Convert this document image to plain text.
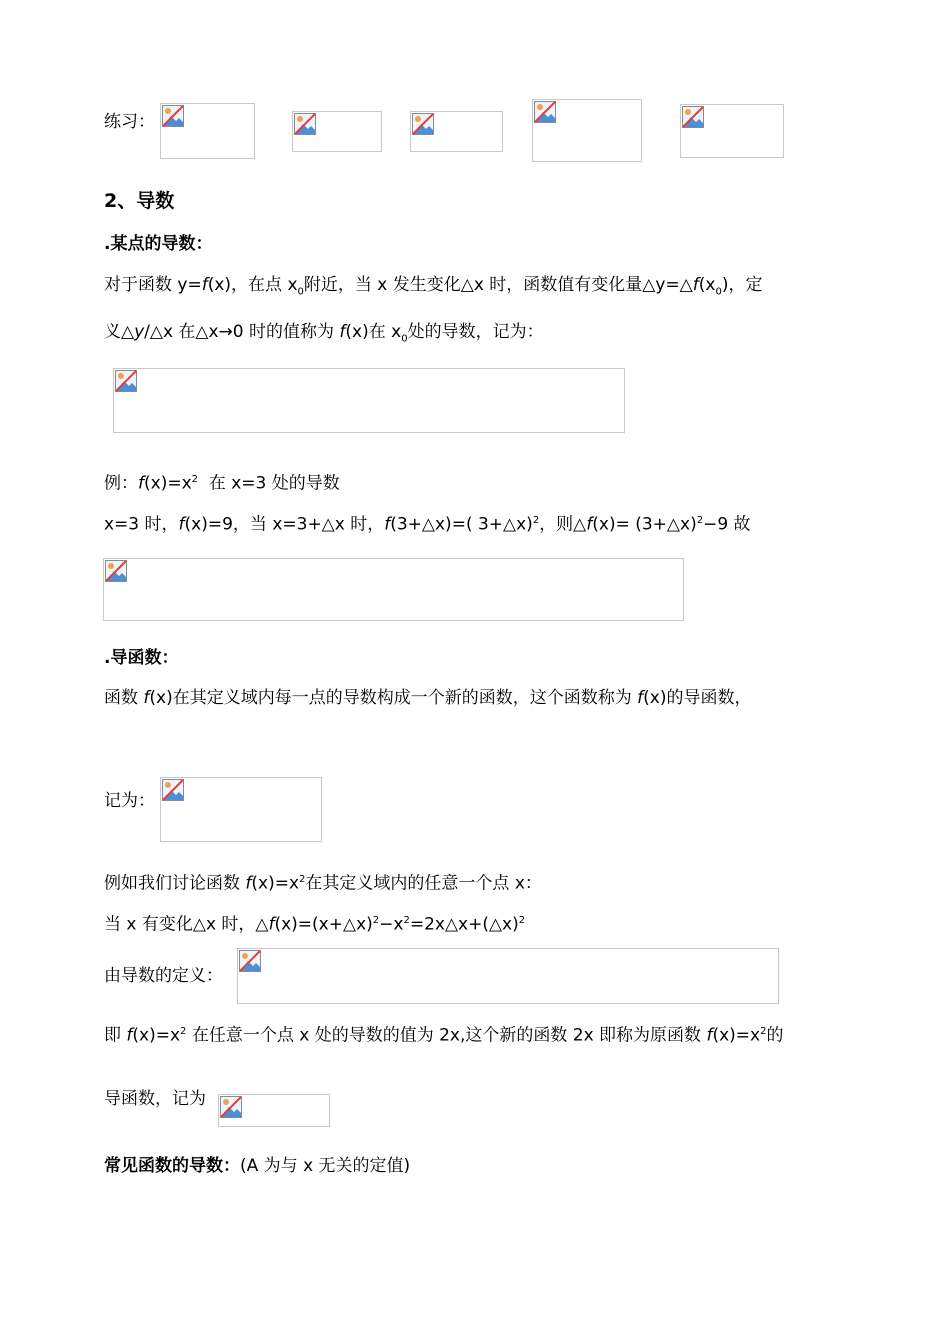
练习：
2、导数
.某点的导数：
对于函数 y=f(x)，在点 $x_0$附近，当 x 发生变化△x 时，函数值有变化量$\triangle y=\triangle f(x_0)$，定
义△y/△x 在△x→0 时的值称为 f(x)在 $x_0$处的导数，记为：
例：$f(x)=x^2$  在 x=3 处的导数
x=3 时，f(x)=9，当 x=3+△x 时，f(3+△x)=( 3+△x)$^2$，则△f(x)= (3+△x)$^2$−9 故
.导函数：
函数 f(x)在其定义域内每一点的导数构成一个新的函数，这个函数称为 f(x)的导函数，
记为：
例如我们讨论函数 $f(x)=x^2$在其定义域内的任意一个点 x：
当 x 有变化△x 时，$\triangle f(x)=(x+\triangle x)^2-x^2=2x\triangle x+(\triangle x)^2$
由导数的定义：
即 $f(x)=x^2$ 在任意一个点 x 处的导数的值为 2x,这个新的函数 2x 即称为原函数 $f(x)=x^2$的
导函数，记为
常见函数的导数：(A 为与 x 无关的定值)
